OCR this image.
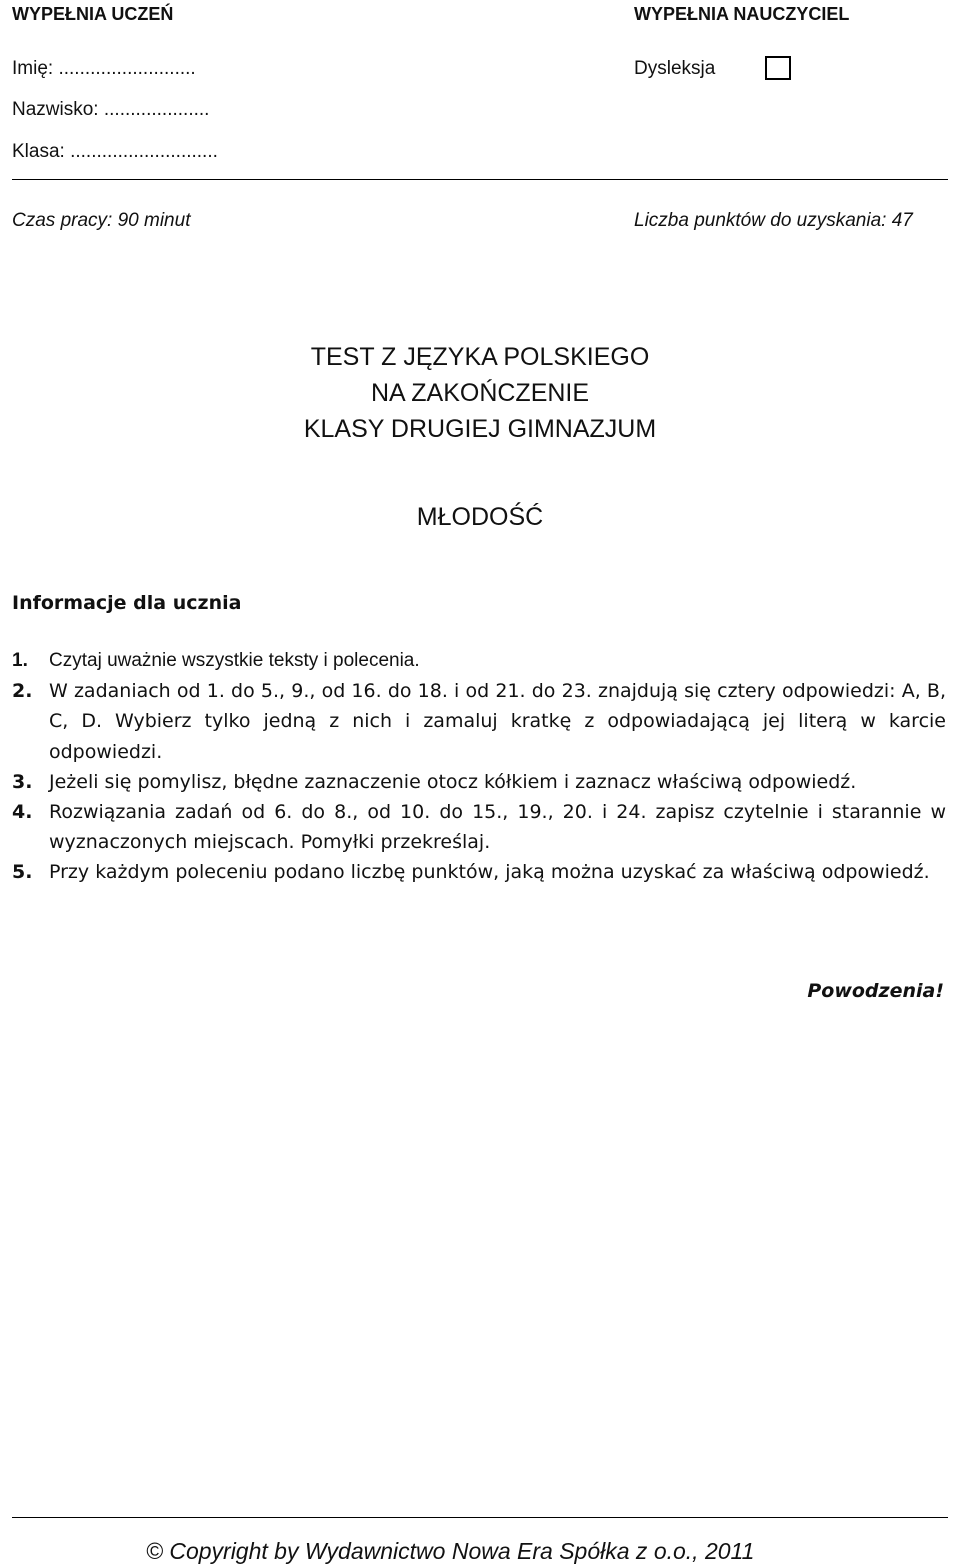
WYPEŁNIA UCZEŃ	WYPEŁNIA NAUCZYCIEL
Imię: ..........................
Nazwisko: ....................
Klasa: ............................
Dysleksja
Czas pracy: 90 minut	Liczba punktów do uzyskania: 47
TEST Z JĘZYKA POLSKIEGO
NA ZAKOŃCZENIE
KLASY DRUGIEJ GIMNAZJUM
MŁODOŚĆ
Informacje dla ucznia
1. Czytaj uważnie wszystkie teksty i polecenia.
2. W zadaniach od 1. do 5., 9., od 16. do 18. i od 21. do 23. znajdują się cztery odpowiedzi: A, B, C, D. Wybierz tylko jedną z nich i zamaluj kratkę z odpowiadającą jej literą w karcie odpowiedzi.
3. Jeżeli się pomylisz, błędne zaznaczenie otocz kółkiem i zaznacz właściwą odpowiedź.
4. Rozwiązania zadań od 6. do 8., od 10. do 15., 19., 20. i 24. zapisz czytelnie i starannie w wyznaczonych miejscach. Pomyłki przekreślaj.
5. Przy każdym poleceniu podano liczbę punktów, jaką można uzyskać za właściwą odpowiedź.
Powodzenia!
© Copyright by Wydawnictwo Nowa Era Spółka z o.o., 2011
